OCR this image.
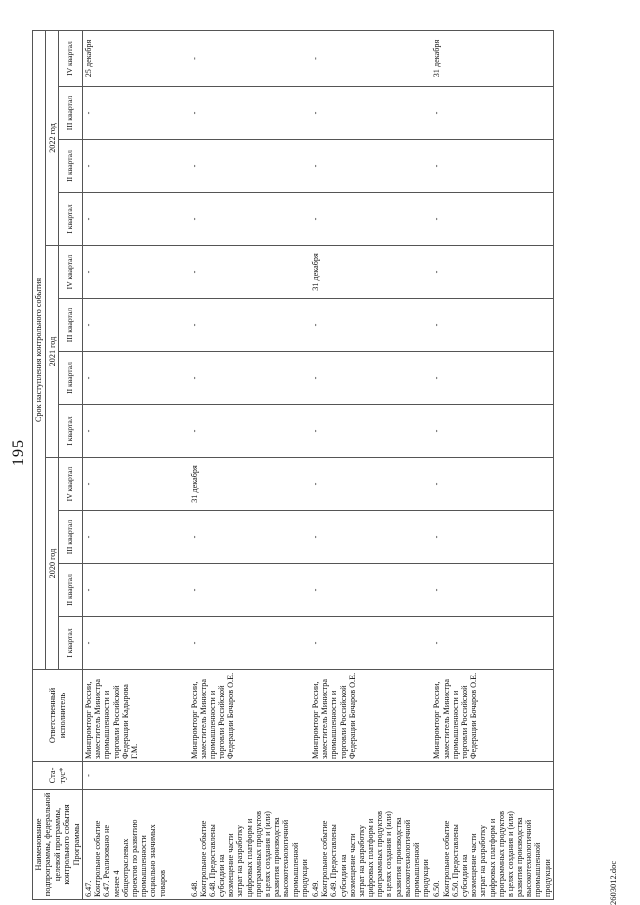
195
Наименование подпрограммы, федеральной целевой программы, контрольного события Программы	Ста- тус*	Ответственный исполнитель	Срок наступления контрольного события											
			2020 год				2021 год				2022 год			
			I квартал	II квартал	III квартал	IV квартал	I квартал	II квартал	III квартал	IV квартал	I квартал	II квартал	III квартал	IV квартал
6.47.Контрольное событие 6.47. Реализовано не менее 4 общеотраслевых проектов по развитию промышленности социально значимых товаров	-	Минпромторг России, заместитель Министра промышленности и торговли Российской Федерации Кадырова Г.М.	-	-	-	-	-	-	-	-	-	-	-	25 декабря
6.48.Контрольное событие 6.48. Предоставлены субсидии на возмещение части затрат на разработку цифровых платформ и программных продуктов в целях создания и (или) развития производства высокотехнологичной промышленной продукции		Минпромторг России, заместитель Министра промышленности и торговли Российской Федерации Бочаров О.Е.	-	-	-	31 декабря	-	-	-	-	-	-	-	-
6.49.Контрольное событие 6.49. Предоставлены субсидии на возмещение части затрат на разработку цифровых платформ и программных продуктов в целях создания и (или) развития производства высокотехнологичной промышленной продукции		Минпромторг России, заместитель Министра промышленности и торговли Российской Федерации Бочаров О.Е.	-	-	-	-	-	-	-	31 декабря	-	-	-	-
6.50.Контрольное событие 6.50. Предоставлены субсидии на возмещение части затрат на разработку цифровых платформ и программных продуктов в целях создания и (или) развития производства высокотехнологичной промышленной продукции		Минпромторг России, заместитель Министра промышленности и торговли Российской Федерации Бочаров О.Е.	-	-	-	-	-	-	-	-	-	-	-	31 декабря
2603012.doc
